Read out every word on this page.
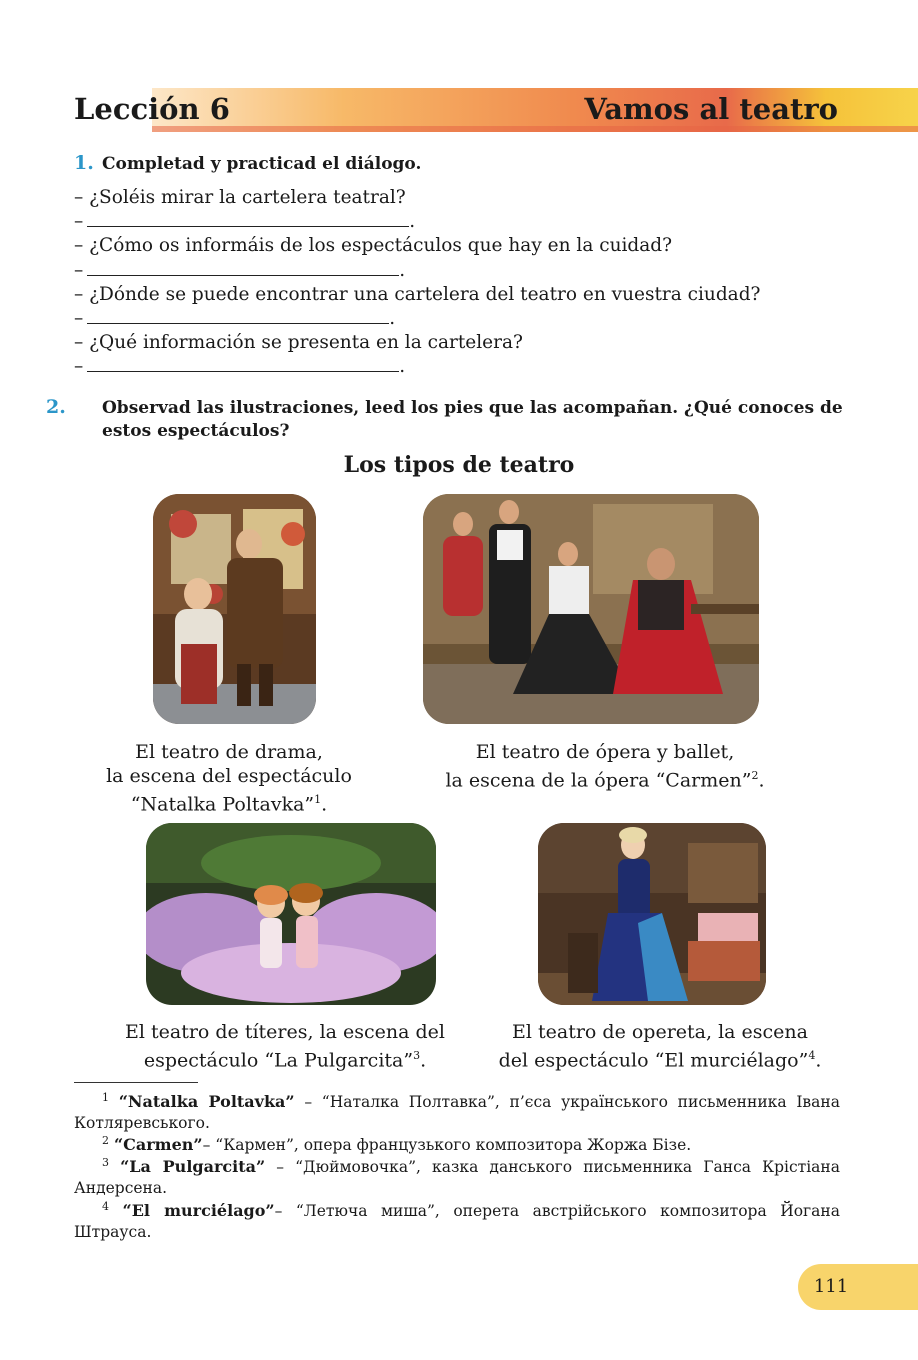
Lección 6	Vamos al teatro
1. Completad y practicad el diálogo.
– ¿Soléis mirar la cartelera teatral?
–	.
– ¿Cómo os informáis de los espectáculos que hay en la cuidad?
–	.
– ¿Dónde se puede encontrar una cartelera del teatro en vuestra ciudad?
–	.
– ¿Qué información se presenta en la cartelera?
–	.
2. Observad las ilustraciones, leed los pies que las acompañan. ¿Qué conoces de estos espectáculos?
Los tipos de teatro
El teatro de drama,
la escena del espectáculo
“Natalka Poltavka”$^1$.
El teatro de ópera y ballet,
la escena de la ópera “Carmen”$^2$.
El teatro de títeres, la escena del
espectáculo “La Pulgarcita”$^3$.
El teatro de opereta, la escena
del espectáculo “El murciélago”$^4$.
$^1$ “Natalka Poltavka” – “Наталка Полтавка”, п’єса українського письменника Івана Котляревського.
$^2$ “Carmen”– “Кармен”, опера французького композитора Жоржа Бізе.
$^3$ “La Pulgarcita” – “Дюймовочка”, казка данського письменника Ганса Крістіана Андерсена.
$^4$ “El murciélago”– “Летюча миша”, оперета австрійського композитора Йогана Штрауса.
111
